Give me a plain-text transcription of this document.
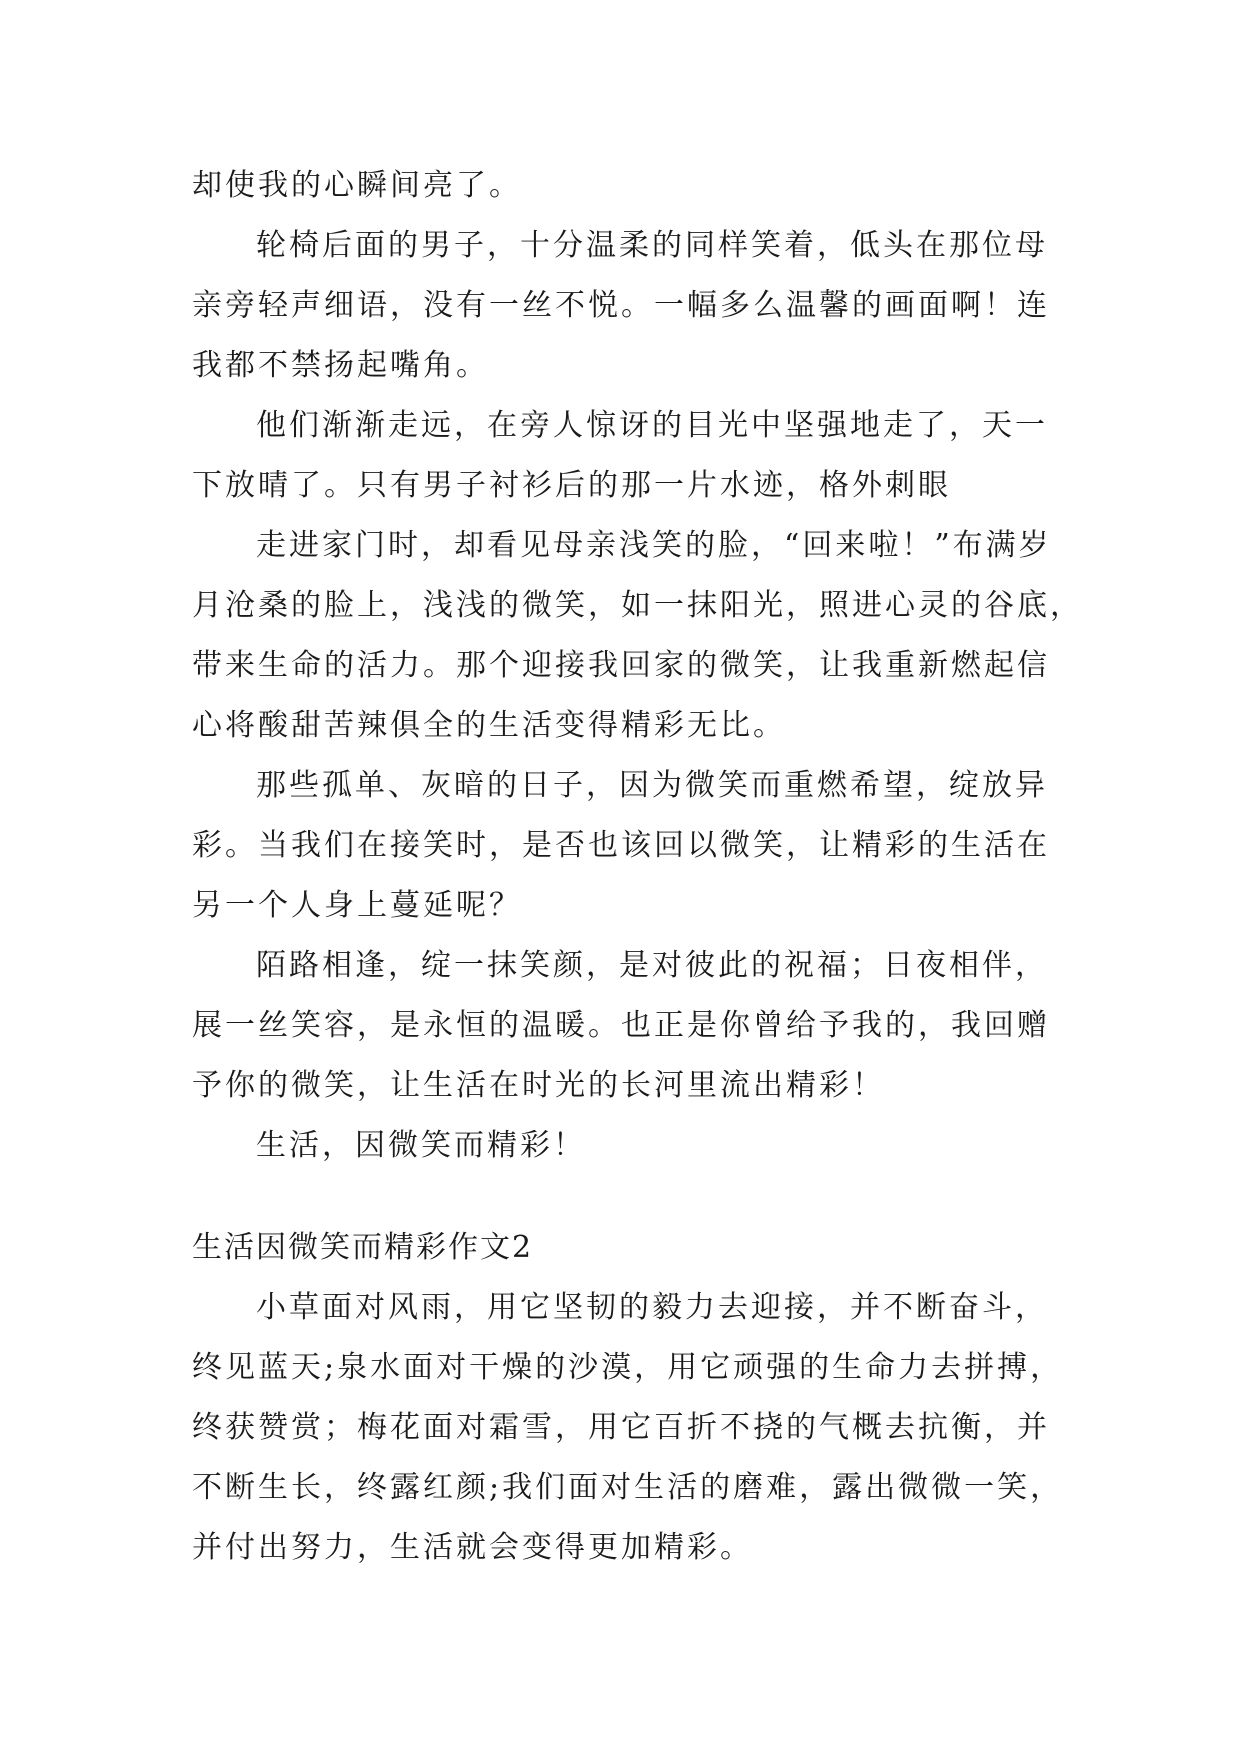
却使我的心瞬间亮了。
轮椅后面的男子，十分温柔的同样笑着，低头在那位母
亲旁轻声细语，没有一丝不悦。一幅多么温馨的画面啊！连
我都不禁扬起嘴角。
他们渐渐走远，在旁人惊讶的目光中坚强地走了，天一
下放晴了。只有男子衬衫后的那一片水迹，格外刺眼
走进家门时，却看见母亲浅笑的脸，“回来啦！”布满岁
月沧桑的脸上，浅浅的微笑，如一抹阳光，照进心灵的谷底，
带来生命的活力。那个迎接我回家的微笑，让我重新燃起信
心将酸甜苦辣俱全的生活变得精彩无比。
那些孤单、灰暗的日子，因为微笑而重燃希望，绽放异
彩。当我们在接笑时，是否也该回以微笑，让精彩的生活在
另一个人身上蔓延呢？
陌路相逢，绽一抹笑颜，是对彼此的祝福；日夜相伴，
展一丝笑容，是永恒的温暖。也正是你曾给予我的，我回赠
予你的微笑，让生活在时光的长河里流出精彩！
生活，因微笑而精彩！
生活因微笑而精彩作文2
小草面对风雨，用它坚韧的毅力去迎接，并不断奋斗，
终见蓝天;泉水面对干燥的沙漠，用它顽强的生命力去拼搏，
终获赞赏；梅花面对霜雪，用它百折不挠的气概去抗衡，并
不断生长，终露红颜;我们面对生活的磨难，露出微微一笑，
并付出努力，生活就会变得更加精彩。
